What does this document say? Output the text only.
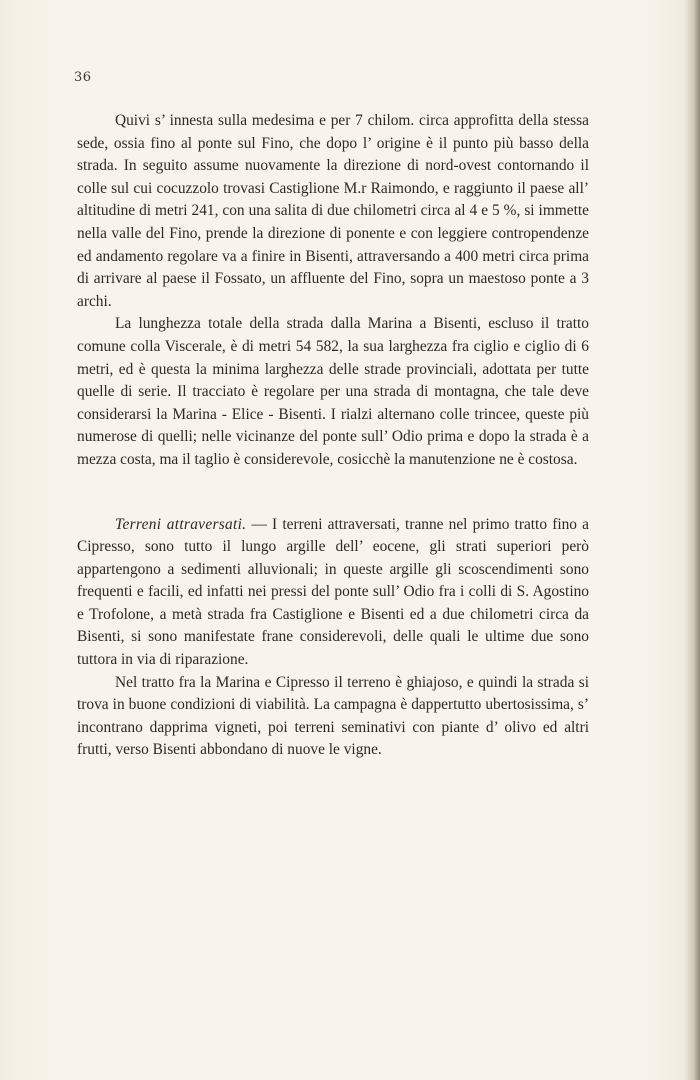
36

Quivi s’ innesta sulla medesima e per 7 chilom. circa approfitta della stessa sede, ossia fino al ponte sul Fino, che dopo l’ origine è il punto più basso della strada. In seguito assume nuovamente la direzione di nord-ovest contornando il colle sul cui cocuzzolo trovasi Castiglione M.r Raimondo, e raggiunto il paese all’ altitudine di metri 241, con una salita di due chilometri circa al 4 e 5 %, si immette nella valle del Fino, prende la direzione di ponente e con leggiere contropendenze ed andamento regolare va a finire in Bisenti, attraversando a 400 metri circa prima di arrivare al paese il Fossato, un affluente del Fino, sopra un maestoso ponte a 3 archi.

La lunghezza totale della strada dalla Marina a Bisenti, escluso il tratto comune colla Viscerale, è di metri 54 582, la sua larghezza fra ciglio e ciglio di 6 metri, ed è questa la minima larghezza delle strade provinciali, adottata per tutte quelle di serie. Il tracciato è regolare per una strada di montagna, che tale deve considerarsi la Marina - Elice - Bisenti. I rialzi alternano colle trincee, queste più numerose di quelli; nelle vicinanze del ponte sull’ Odio prima e dopo la strada è a mezza costa, ma il taglio è considerevole, cosicchè la manutenzione ne è costosa.

Terreni attraversati. — I terreni attraversati, tranne nel primo tratto fino a Cipresso, sono tutto il lungo argille dell’ eocene, gli strati superiori però appartengono a sedimenti alluvionali; in queste argille gli scoscendimenti sono frequenti e facili, ed infatti nei pressi del ponte sull’ Odio fra i colli di S. Agostino e Trofolone, a metà strada fra Castiglione e Bisenti ed a due chilometri circa da Bisenti, si sono manifestate frane considerevoli, delle quali le ultime due sono tuttora in via di riparazione.

Nel tratto fra la Marina e Cipresso il terreno è ghiajoso, e quindi la strada si trova in buone condizioni di viabilità. La campagna è dappertutto ubertosissima, s’ incontrano dapprima vigneti, poi terreni seminativi con piante d’ olivo ed altri frutti, verso Bisenti abbondano di nuove le vigne.
